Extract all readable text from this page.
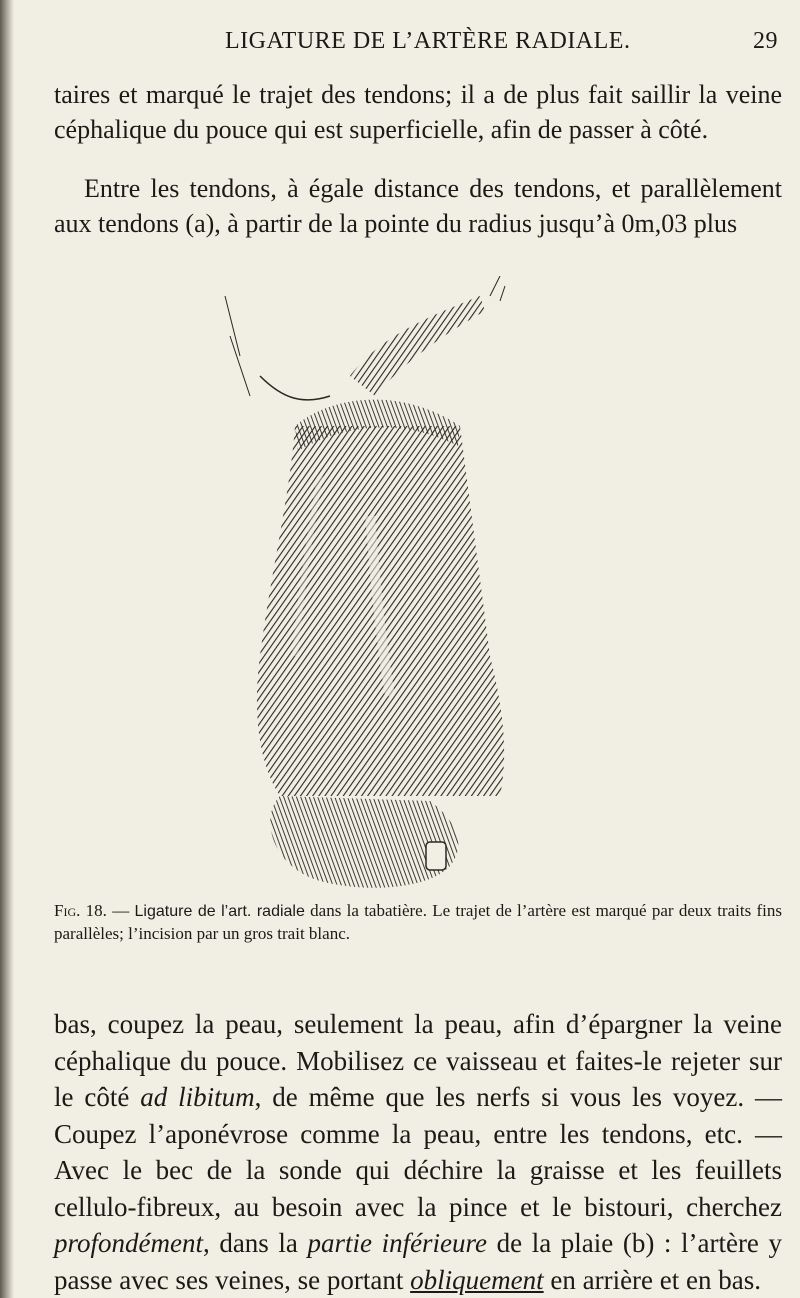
LIGATURE DE L’ARTÈRE RADIALE.	29

taires et marqué le trajet des tendons; il a de plus fait saillir la veine céphalique du pouce qui est superficielle, afin de passer à côté.

Entre les tendons, à égale distance des tendons, et parallèlement aux tendons (a), à partir de la pointe du radius jusqu’à 0m,03 plus

Fig. 18. — Ligature de l’art. radiale dans la tabatière. Le trajet de l’artère est marqué par deux traits fins parallèles; l’incision par un gros trait blanc.

bas, coupez la peau, seulement la peau, afin d’épargner la veine céphalique du pouce. Mobilisez ce vaisseau et faites-le rejeter sur le côté ad libitum, de même que les nerfs si vous les voyez. — Coupez l’aponévrose comme la peau, entre les tendons, etc. — Avec le bec de la sonde qui déchire la graisse et les feuillets cellulo-fibreux, au besoin avec la pince et le bistouri, cherchez profondément, dans la partie inférieure de la plaie (b) : l’artère y passe avec ses veines, se portant obliquement en arrière et en bas.
